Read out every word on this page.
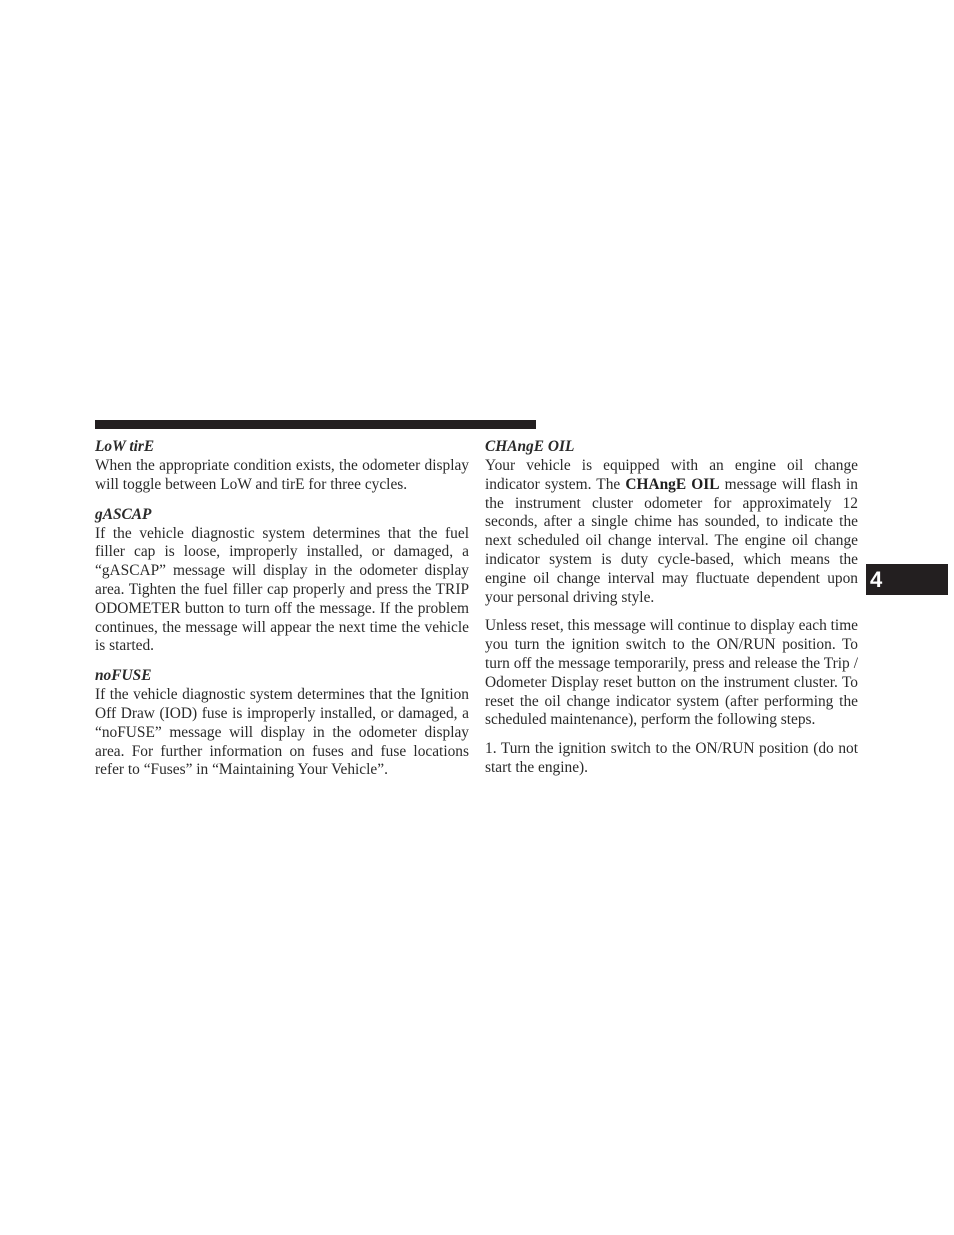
LoW tirE

When the appropriate condition exists, the odometer display will toggle between LoW and tirE for three cycles.

gASCAP

If the vehicle diagnostic system determines that the fuel filler cap is loose, improperly installed, or damaged, a “gASCAP” message will display in the odometer display area. Tighten the fuel filler cap properly and press the TRIP ODOMETER button to turn off the message. If the problem continues, the message will appear the next time the vehicle is started.

noFUSE

If the vehicle diagnostic system determines that the Ignition Off Draw (IOD) fuse is improperly installed, or damaged, a “noFUSE” message will display in the odometer display area. For further information on fuses and fuse locations refer to “Fuses” in “Maintaining Your Vehicle”.

CHAngE OIL

Your vehicle is equipped with an engine oil change indicator system. The CHAngE OIL message will flash in the instrument cluster odometer for approximately 12 seconds, after a single chime has sounded, to indicate the next scheduled oil change interval. The engine oil change indicator system is duty cycle-based, which means the engine oil change interval may fluctuate dependent upon your personal driving style.

Unless reset, this message will continue to display each time you turn the ignition switch to the ON/RUN position. To turn off the message temporarily, press and release the Trip / Odometer Display reset button on the instrument cluster. To reset the oil change indicator system (after performing the scheduled maintenance), perform the following steps.

1. Turn the ignition switch to the ON/RUN position (do not start the engine).

4
